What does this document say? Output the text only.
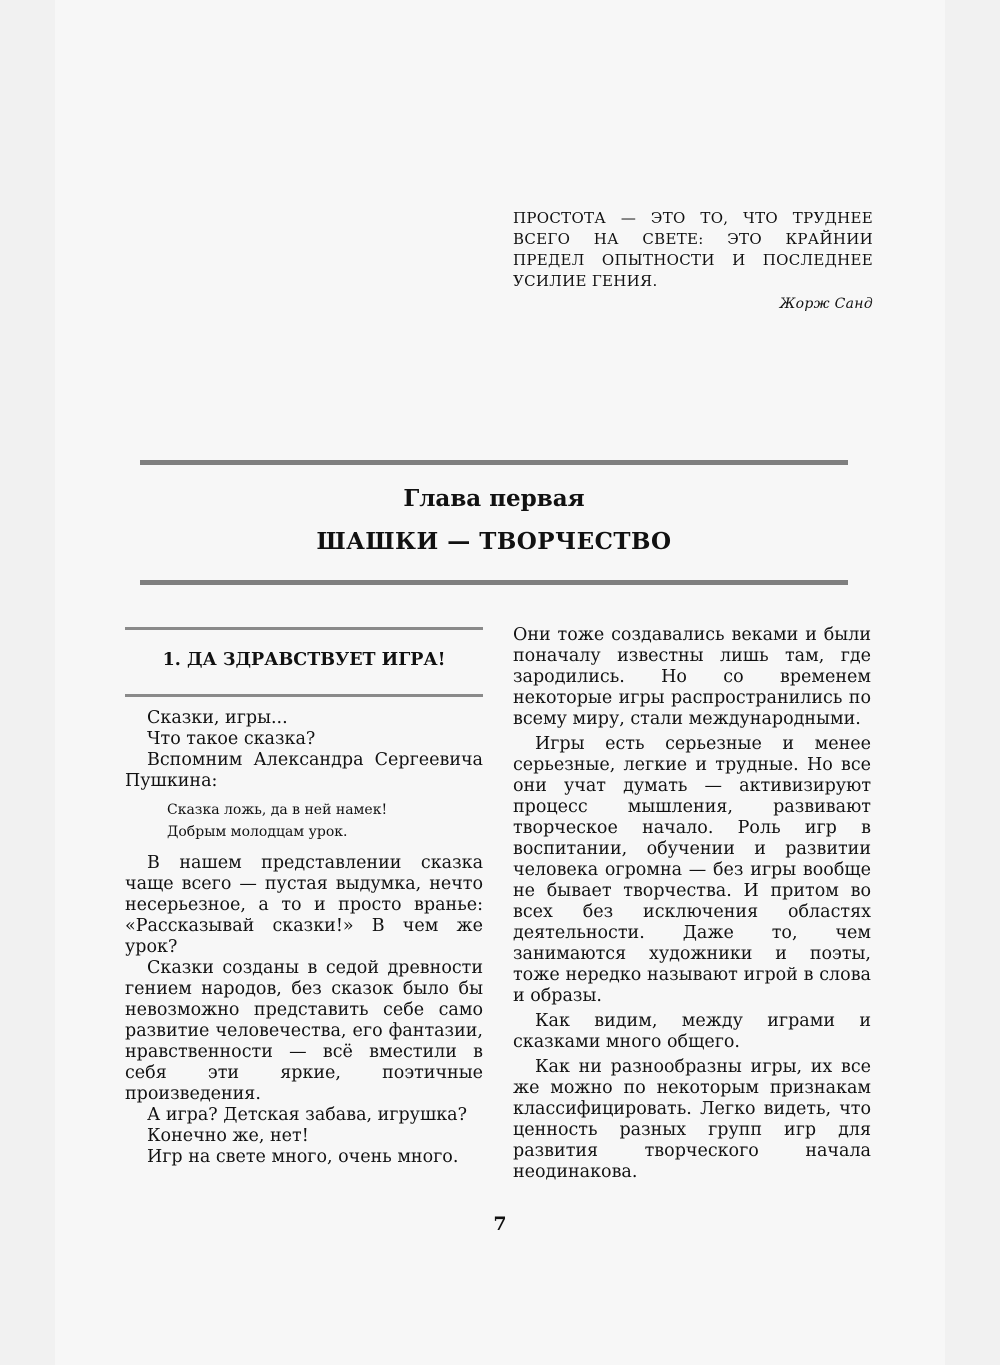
ПРОСТОТА — ЭТО ТО, ЧТО ТРУДНЕЕ

ВСЕГО НА СВЕТЕ: ЭТО КРАЙНИИ

ПРЕДЕЛ ОПЫТНОСТИ И ПОСЛЕДНЕЕ

УСИЛИЕ ГЕНИЯ.

Жорж Санд

Глава первая
ШАШКИ — ТВОРЧЕСТВО
1. ДА ЗДРАВСТВУЕТ ИГРА!

Сказки, игры...

Что такое сказка?

Вспомним Александра Сергеевича Пушкина:

Сказка ложь, да в ней намек!
Добрым молодцам урок.

В нашем представлении сказка чаще всего — пустая выдумка, нечто несерьезное, а то и просто вранье: «Рассказывай сказки!» В чем же урок?

Сказки созданы в седой древности гением народов, без сказок было бы невозможно представить себе само развитие человечества, его фантазии, нравственности — всё вместили в себя эти яркие, поэтичные произведения.

А игра? Детская забава, игрушка?

Конечно же, нет!

Игр на свете много, очень много.

Они тоже создавались веками и были поначалу известны лишь там, где зародились. Но со временем некоторые игры распространились по всему миру, стали международными.

Игры есть серьезные и менее серьезные, легкие и трудные. Но все они учат думать — активизируют процесс мышления, развивают творческое начало. Роль игр в воспитании, обучении и развитии человека огромна — без игры вообще не бывает творчества. И притом во всех без исключения областях деятельности. Даже то, чем занимаются художники и поэты, тоже нередко называют игрой в слова и образы.

Как видим, между играми и сказками много общего.

Как ни разнообразны игры, их все же можно по некоторым признакам классифицировать. Легко видеть, что ценность разных групп игр для развития творческого начала неодинакова.

7
